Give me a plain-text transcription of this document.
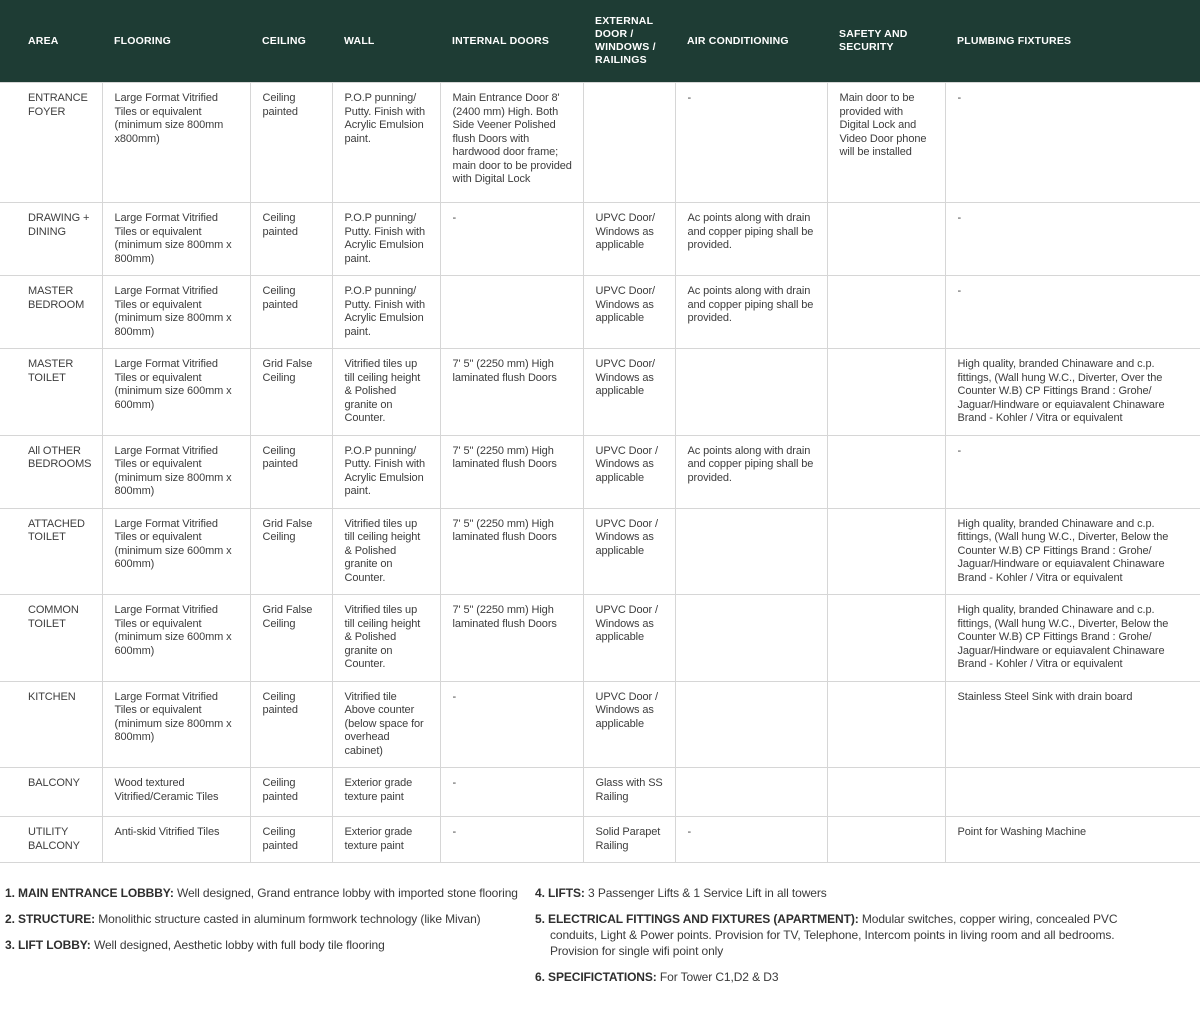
AREA	FLOORING	CEILING	WALL	INTERNAL DOORS	EXTERNAL DOOR / WINDOWS / RAILINGS	AIR CONDITIONING	SAFETY AND SECURITY	PLUMBING FIXTURES
ENTRANCE FOYER	Large Format Vitrified Tiles or equivalent (minimum size 800mm x800mm)	Ceiling painted	P.O.P punning/ Putty. Finish with Acrylic Emulsion paint.	Main Entrance Door 8' (2400 mm) High. Both Side Veener Polished flush Doors with hardwood door frame; main door to be provided with Digital Lock		-	Main door to be provided with Digital Lock and Video Door phone will be installed	-
DRAWING + DINING	Large Format Vitrified Tiles or equivalent (minimum size 800mm x 800mm)	Ceiling painted	P.O.P punning/ Putty. Finish with Acrylic Emulsion paint.	-	UPVC Door/ Windows as applicable	Ac points along with drain and copper piping shall be provided.		-
MASTER BEDROOM	Large Format Vitrified Tiles or equivalent (minimum size 800mm x 800mm)	Ceiling painted	P.O.P punning/ Putty. Finish with Acrylic Emulsion paint.		UPVC Door/ Windows as applicable	Ac points along with drain and copper piping shall be provided.		-
MASTER TOILET	Large Format Vitrified Tiles or equivalent (minimum size 600mm x 600mm)	Grid False Ceiling	Vitrified tiles up till ceiling height & Polished granite on Counter.	7' 5" (2250 mm) High laminated flush Doors	UPVC Door/ Windows as applicable			High quality, branded Chinaware and c.p. fittings, (Wall hung W.C., Diverter, Over the Counter W.B) CP Fittings Brand : Grohe/ Jaguar/Hindware or equiavalent Chinaware Brand - Kohler / Vitra or equivalent
All OTHER BEDROOMS	Large Format Vitrified Tiles or equivalent (minimum size 800mm x 800mm)	Ceiling painted	P.O.P punning/ Putty. Finish with Acrylic Emulsion paint.	7' 5" (2250 mm) High laminated flush Doors	UPVC Door / Windows as applicable	Ac points along with drain and copper piping shall be provided.		-
ATTACHED TOILET	Large Format Vitrified Tiles or equivalent (minimum size 600mm x 600mm)	Grid False Ceiling	Vitrified tiles up till ceiling height & Polished granite on Counter.	7' 5" (2250 mm) High laminated flush Doors	UPVC Door / Windows as applicable			High quality, branded Chinaware and c.p. fittings, (Wall hung W.C., Diverter, Below the Counter W.B) CP Fittings Brand : Grohe/ Jaguar/Hindware or equiavalent Chinaware Brand - Kohler / Vitra or equivalent
COMMON TOILET	Large Format Vitrified Tiles or equivalent (minimum size 600mm x 600mm)	Grid False Ceiling	Vitrified tiles up till ceiling height & Polished granite on Counter.	7' 5" (2250 mm) High laminated flush Doors	UPVC Door / Windows as applicable			High quality, branded Chinaware and c.p. fittings, (Wall hung W.C., Diverter, Below the Counter W.B) CP Fittings Brand : Grohe/ Jaguar/Hindware or equiavalent Chinaware Brand - Kohler / Vitra or equivalent
KITCHEN	Large Format Vitrified Tiles or equivalent (minimum size 800mm x 800mm)	Ceiling painted	Vitrified tile Above counter (below space for overhead cabinet)	-	UPVC Door / Windows as applicable			Stainless Steel Sink with drain board
BALCONY	Wood textured Vitrified/Ceramic Tiles	Ceiling painted	Exterior grade texture paint	-	Glass with SS Railing			
UTILITY BALCONY	Anti-skid Vitrified Tiles	Ceiling painted	Exterior grade texture paint	-	Solid Parapet Railing	-		Point for Washing Machine
1. MAIN ENTRANCE LOBBBY: Well designed, Grand entrance lobby with imported stone flooring
2. STRUCTURE: Monolithic structure casted in aluminum formwork technology (like Mivan)
3. LIFT LOBBY: Well designed, Aesthetic lobby with full body tile flooring
4. LIFTS: 3 Passenger Lifts & 1 Service Lift in all towers
5. ELECTRICAL FITTINGS AND FIXTURES (APARTMENT): Modular switches, copper wiring, concealed PVC conduits, Light & Power points. Provision for TV, Telephone, Intercom points in living room and all bedrooms. Provision for single wifi point only
6. SPECIFICTATIONS: For Tower C1,D2 & D3
